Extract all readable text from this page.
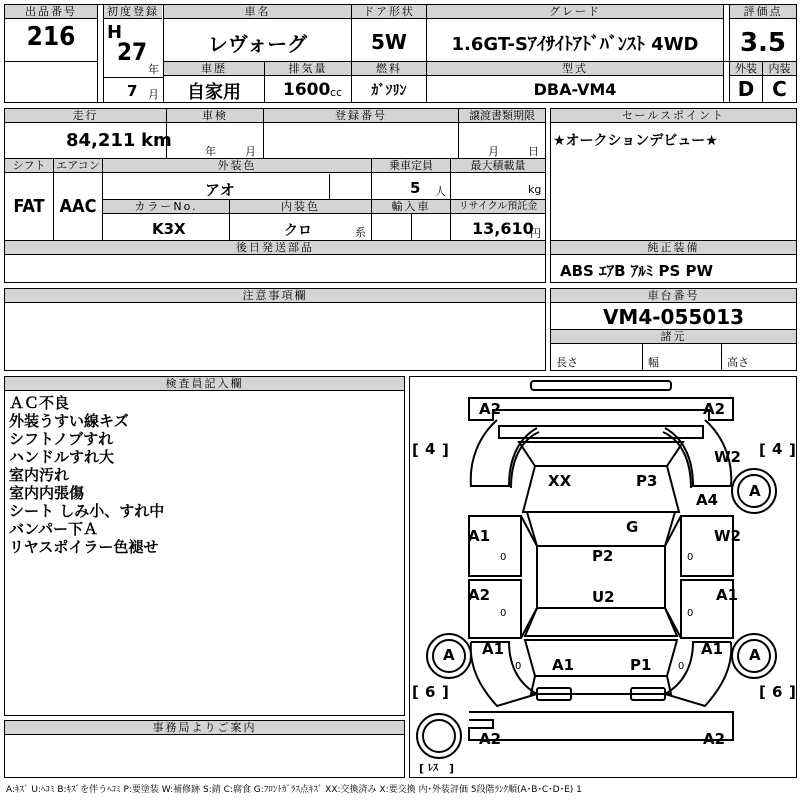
出品番号
216
初度登録
H
27
年
7 月
車名
レヴォーグ
車歴
自家用
排気量
1600 cc
ドア形状
5W
燃料
ｶﾞｿﾘﾝ
グレード
1.6GT-Sｱｲｻｲﾄｱﾄﾞﾊﾞﾝｽﾄ 4WD
型式
DBA-VM4
評価点
3.5
外装	内装
D C
走行
84,211 km
車検
年	月
登録番号	譲渡書類期限
月	日
シフト エアコン
FAT AAC
外装色
アオ
乗車定員
5 人
最大積載量
kg
カラーNo.	内装色
K3X	クロ	系
輸入車	リサイクル預託金
13,610
円
後日発送部品
セールスポイント
★オークションデビュー★
純正装備
ABS ｴｱB ｱﾙﾐ PS PW
注意事項欄	車台番号
VM4-055013
諸元
長さ	幅	高さ
検査員記入欄
ＡＣ不良
外装うすい線キズ
シフトノブすれ
ハンドルすれ大
室内汚れ
室内内張傷
シート しみ小、すれ中
バンパー下Ａ
リヤスポイラー色褪せ
事務局よりご案内
[ ]	[ ]
[ ]	[ ]
[ ]
4	4
6	6
ﾚｽ
A2	A2
W2
XX	P3
A4 A
G
A1	W2
0	0
P2
A2	A1
0	0
U2
A A1	A1
0	0
A1	P1
A
A2	A2
A:ｷｽﾞ U:ﾍｺﾐ B:ｷｽﾞを伴うﾍｺﾐ P:要塗装 W:補修跡 S:錆 C:腐食 G:ﾌﾛﾝﾄｶﾞﾗｽ点ｷｽﾞ XX:交換済み X:要交換 内･外装評価 5段階ﾗﾝｸ順(A･B･C･D･E) 1
